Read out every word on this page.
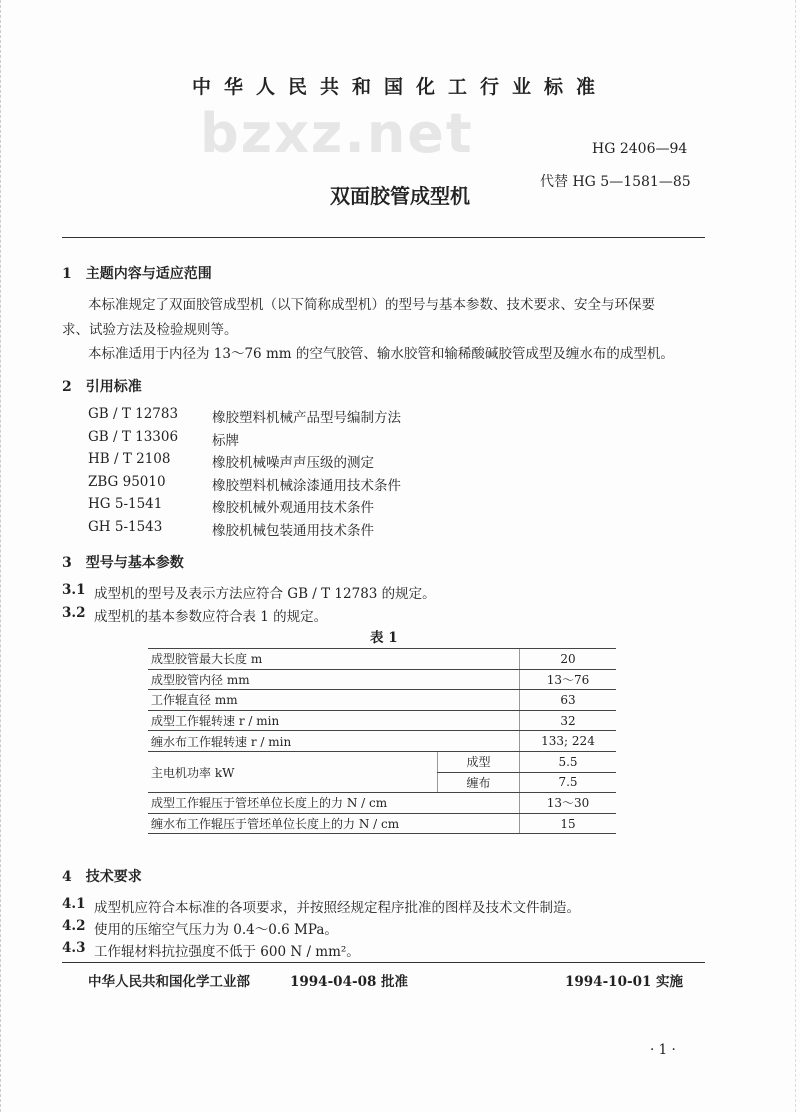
bzxz.net
中华人民共和国化工行业标准
HG 2406—94
代替 HG 5—1581—85
双面胶管成型机
1　主题内容与适应范围
本标准规定了双面胶管成型机（以下简称成型机）的型号与基本参数、技术要求、安全与环保要
求、试验方法及检验规则等。
本标准适用于内径为 13～76 mm 的空气胶管、输水胶管和输稀酸碱胶管成型及缠水布的成型机。
2　引用标准
GB / T 12783	橡胶塑料机械产品型号编制方法
GB / T 13306	标牌
HB / T 2108	橡胶机械噪声声压级的测定
ZBG 95010	橡胶塑料机械涂漆通用技术条件
HG 5-1541	橡胶机械外观通用技术条件
GH 5-1543	橡胶机械包装通用技术条件
3　型号与基本参数
3.1 成型机的型号及表示方法应符合 GB / T 12783 的规定。
3.2 成型机的基本参数应符合表 1 的规定。
表 1
成型胶管最大长度 m		20
成型胶管内径 mm		13～76
工作辊直径 mm		63
成型工作辊转速 r / min		32
缠水布工作辊转速 r / min		133; 224
主电机功率 kW	成型	5.5
	缠布	7.5
成型工作辊压于管坯单位长度上的力 N / cm		13～30
缠水布工作辊压于管坯单位长度上的力 N / cm		15
4　技术要求
4.1 成型机应符合本标准的各项要求，并按照经规定程序批准的图样及技术文件制造。
4.2 使用的压缩空气压力为 0.4～0.6 MPa。
4.3 工作辊材料抗拉强度不低于 600 N / mm²。
中华人民共和国化学工业部	1994-04-08 批准	1994-10-01 实施
· 1 ·
